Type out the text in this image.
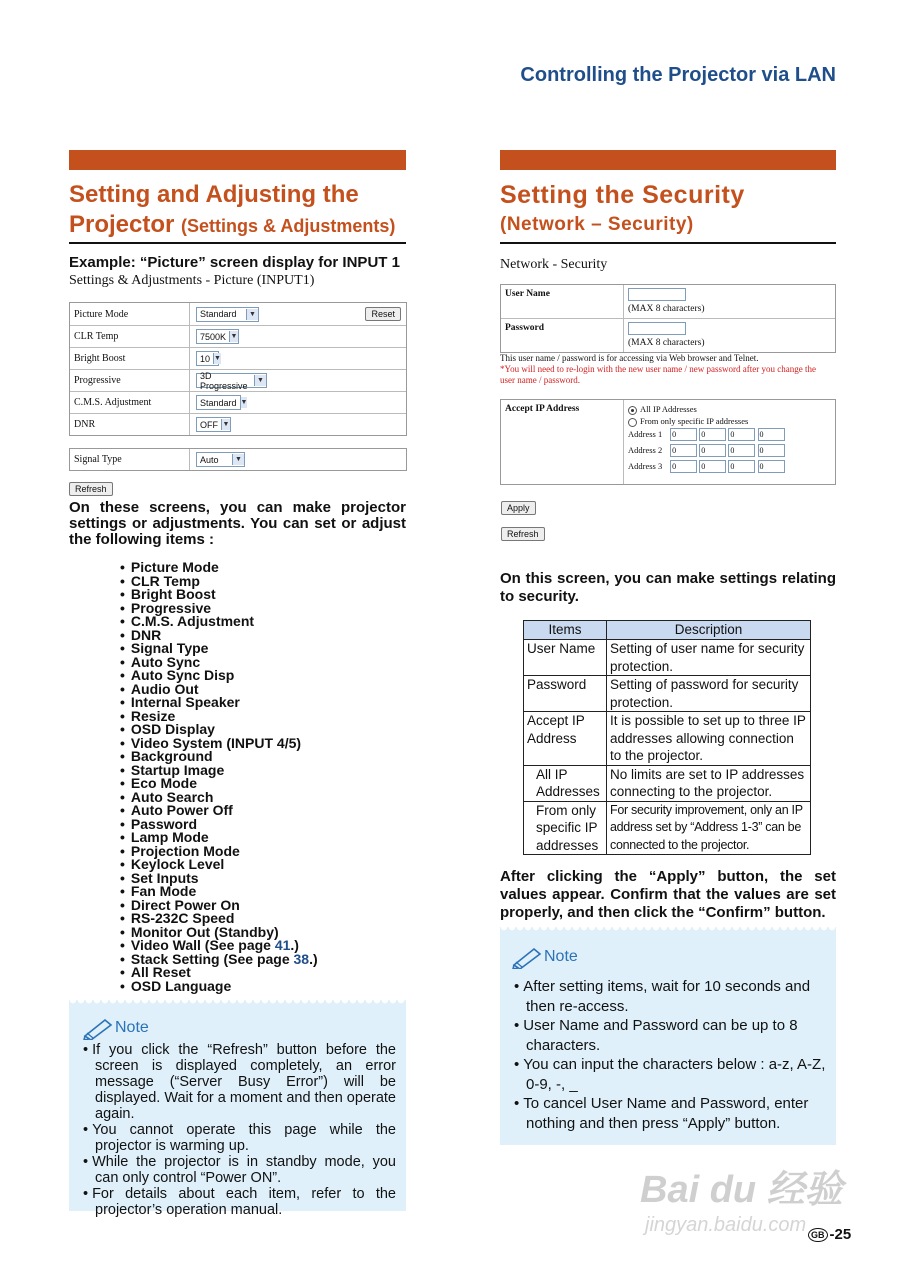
Controlling the Projector via LAN
Setting and Adjusting the
Projector (Settings & Adjustments)
Example: “Picture” screen display for INPUT 1
Settings & Adjustments - Picture (INPUT1)
Picture Mode	Standard	▼	Reset
CLR Temp	7500K ▼
Bright Boost	10 ▼
Progressive	3D Progressive	▼
C.M.S. Adjustment	Standard ▼
DNR	OFF ▼
Signal Type	Auto	▼
Refresh
On these screens, you can make projector settings or adjustments. You can set or adjust the following items :
• Picture Mode
• CLR Temp
• Bright Boost
• Progressive
• C.M.S. Adjustment
• DNR
• Signal Type
• Auto Sync
• Auto Sync Disp
• Audio Out
• Internal Speaker
• Resize
• OSD Display
• Video System (INPUT 4/5)
• Background
• Startup Image
• Eco Mode
• Auto Search
• Auto Power Off
• Password
• Lamp Mode
• Projection Mode
• Keylock Level
• Set Inputs
• Fan Mode
• Direct Power On
• RS-232C Speed
• Monitor Out (Standby)
• Video Wall (See page 41.)
• Stack Setting (See page 38.)
• All Reset
• OSD Language
Note
• If you click the “Refresh” button before the screen is displayed completely, an error message (“Server Busy Error”) will be displayed. Wait for a moment and then operate again.
• You cannot operate this page while the projector is warming up.
• While the projector is in standby mode, you can only control “Power ON”.
• For details about each item, refer to the projector’s operation manual.
Setting the Security
(Network – Security)
Network - Security
User Name
(MAX 8 characters)
Password
(MAX 8 characters)
This user name / password is for accessing via Web browser and Telnet.
*You will need to re-login with the new user name / new password after you change the user name / password.
Accept IP Address	All IP Addresses
From only specific IP addresses
Address 1 0	0	0	0
Address 2 0	0	0	0
Address 3 0	0	0	0
Apply
Refresh
On this screen, you can make settings relating to security.
Items	Description
User Name	Setting of user name for security protection.
Password	Setting of password for security protection.
Accept IP Address	It is possible to set up to three IP addresses allowing connection to the projector.
All IP Addresses	No limits are set to IP addresses connecting to the projector.
From only specific IP addresses	For security improvement, only an IP address set by “Address 1-3” can be connected to the projector.
After clicking the “Apply” button, the set values appear. Confirm that the values are set properly, and then click the “Confirm” button.
Note
• After setting items, wait for 10 seconds and then re-access.
• User Name and Password can be up to 8 characters.
• You can input the characters below : a-z, A-Z, 0-9, -, _
• To cancel User Name and Password, enter nothing and then press “Apply” button.
Bai du 经验
jingyan.baidu.com GB -25
